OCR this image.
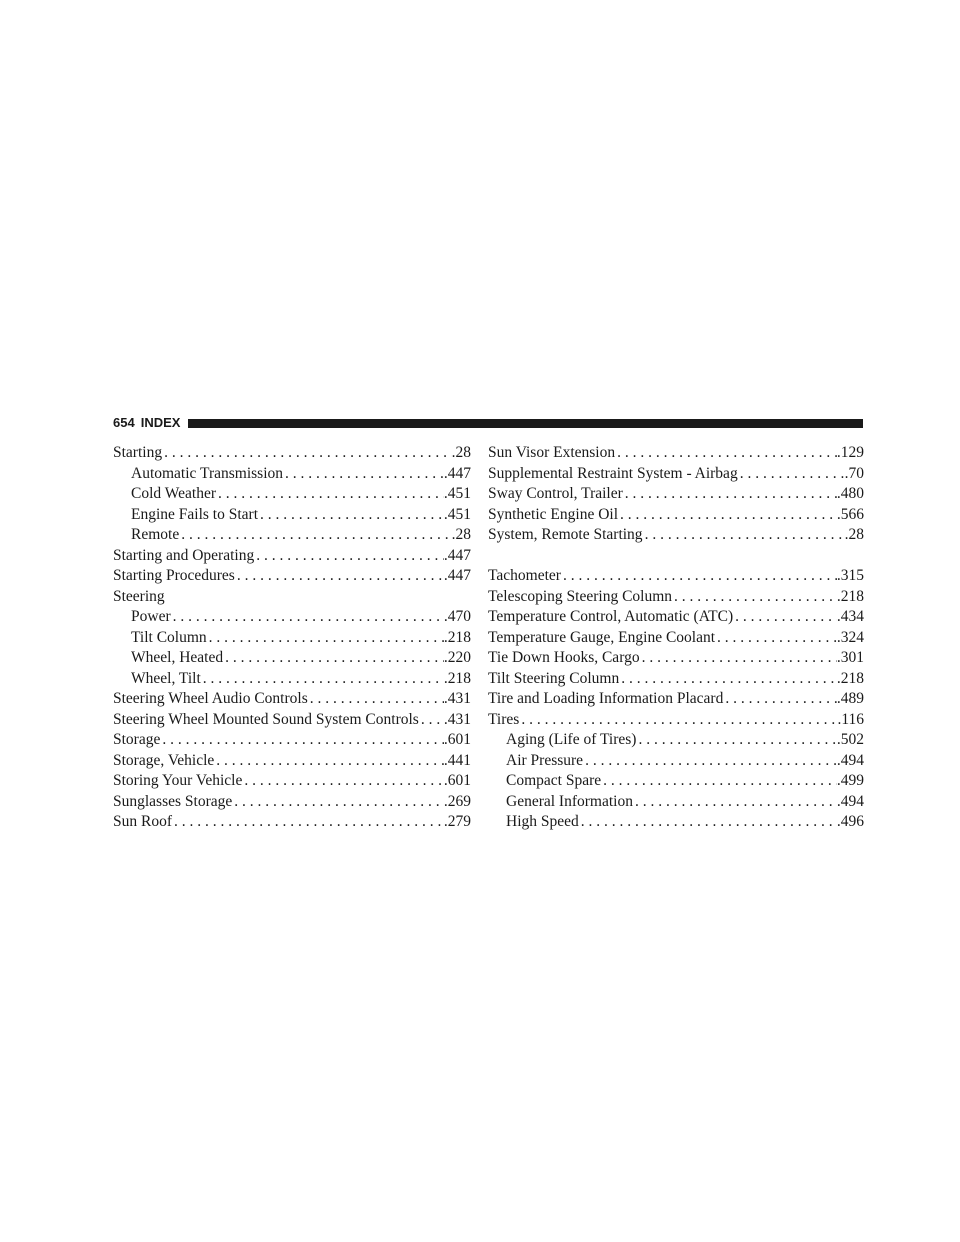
654 INDEX
Starting . . .	.28
Automatic Transmission . . .	.447
Cold Weather . . .	.451
Engine Fails to Start . . .	.451
Remote . . .	.28
Starting and Operating . . .	.447
Starting Procedures . . .	.447
Steering
Power . . .	.470
Tilt Column . . .	.218
Wheel, Heated . . .	.220
Wheel, Tilt . . .	.218
Steering Wheel Audio Controls . . .	.431
Steering Wheel Mounted Sound System Controls . . . .431
Storage . . .	.601
Storage, Vehicle . . .	.441
Storing Your Vehicle . . .	.601
Sunglasses Storage . . .	.269
Sun Roof . . .	.279
Sun Visor Extension . . .	.129
Supplemental Restraint System - Airbag . . .	.70
Sway Control, Trailer . . .	.480
Synthetic Engine Oil . . .	.566
System, Remote Starting . . .	.28
Tachometer . . .	.315
Telescoping Steering Column . . .	.218
Temperature Control, Automatic (ATC) . . .	.434
Temperature Gauge, Engine Coolant . . .	.324
Tie Down Hooks, Cargo . . .	.301
Tilt Steering Column . . .	.218
Tire and Loading Information Placard . . .	.489
Tires . . .	.116
Aging (Life of Tires) . . .	.502
Air Pressure . . .	.494
Compact Spare . . .	.499
General Information . . .	.494
High Speed . . .	.496
